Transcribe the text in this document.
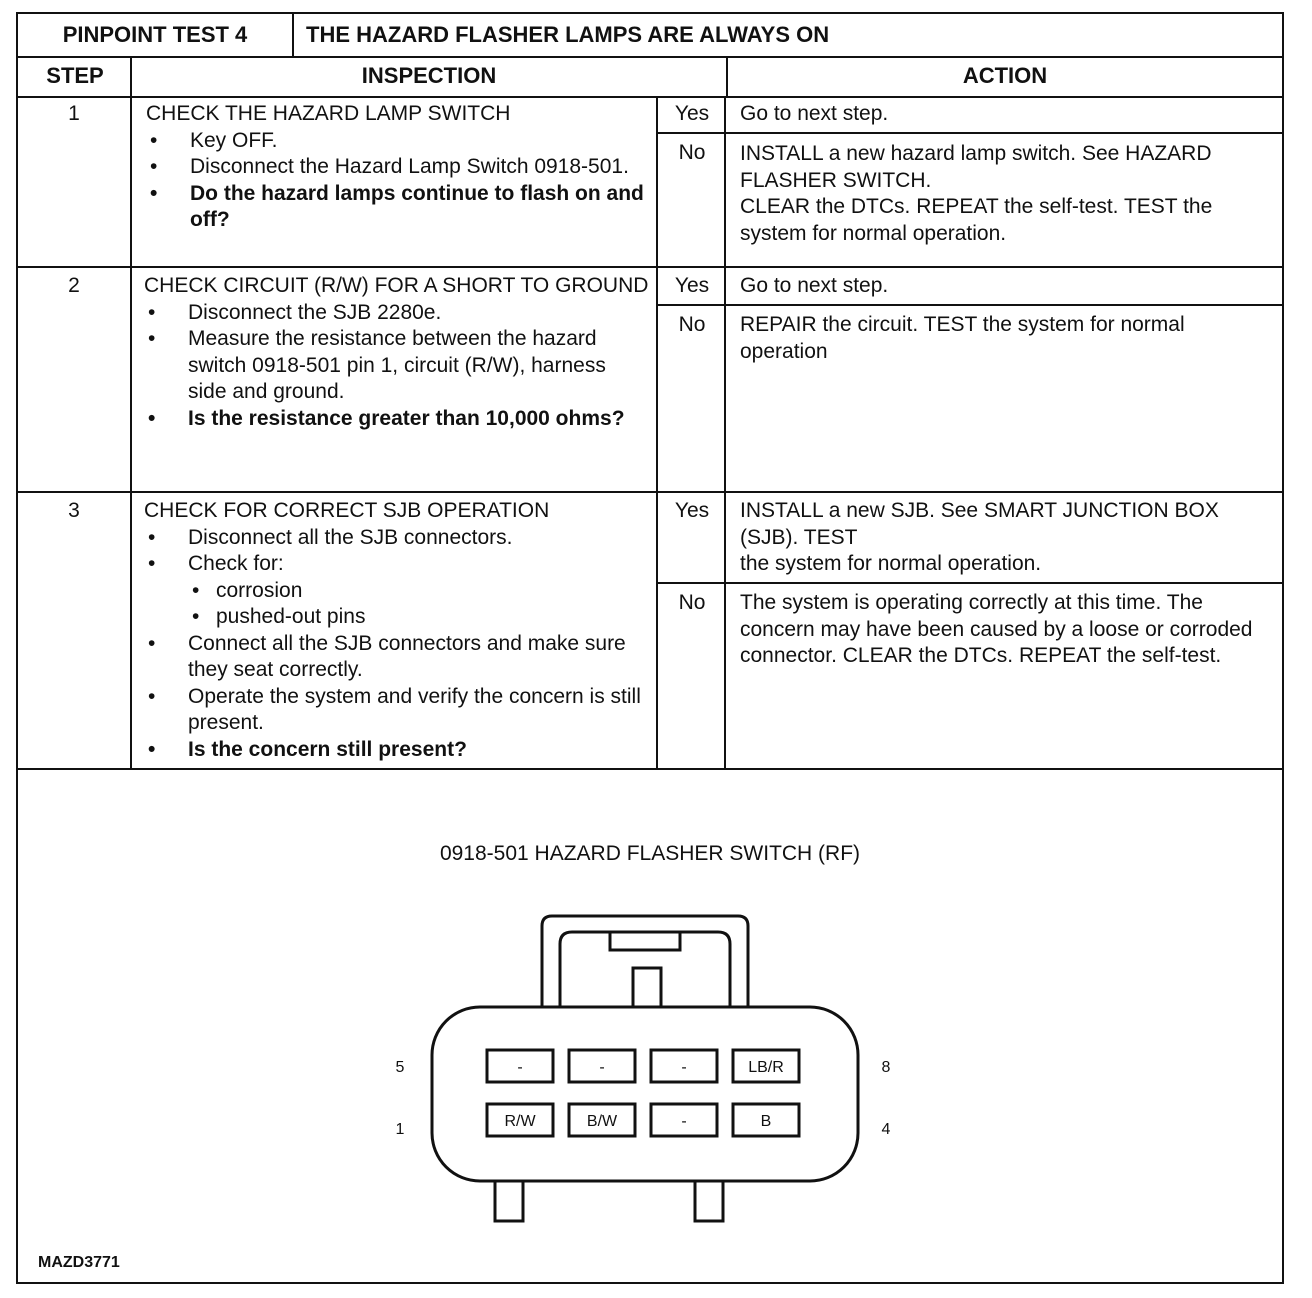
PINPOINT TEST 4	THE HAZARD FLASHER LAMPS ARE ALWAYS ON
STEP	INSPECTION	ACTION
1	CHECK THE HAZARD LAMP SWITCH
• Key OFF.
• Disconnect the Hazard Lamp Switch 0918-501.
• Do the hazard lamps continue to flash on and off?
Yes	Go to next step.
No	INSTALL a new hazard lamp switch. See HAZARD FLASHER SWITCH.
CLEAR the DTCs. REPEAT the self-test. TEST the system for normal operation.
2	CHECK CIRCUIT (R/W) FOR A SHORT TO GROUND
• Disconnect the SJB 2280e.
• Measure the resistance between the hazard switch 0918-501 pin 1, circuit (R/W), harness side and ground.
• Is the resistance greater than 10,000 ohms?
Yes	Go to next step.
No	REPAIR the circuit. TEST the system for normal operation
3	CHECK FOR CORRECT SJB OPERATION
• Disconnect all the SJB connectors.
• Check for:
• corrosion
• pushed-out pins
• Connect all the SJB connectors and make sure they seat correctly.
• Operate the system and verify the concern is still present.
• Is the concern still present?
Yes	INSTALL a new SJB. See SMART JUNCTION BOX (SJB). TEST
the system for normal operation.
No	The system is operating correctly at this time. The concern may have been caused by a loose or corroded connector. CLEAR the DTCs. REPEAT the self-test.
0918-501 HAZARD FLASHER SWITCH (RF)
-	-	-	LB/R
R/W	B/W	-	B
5	8
1	4
MAZD3771
